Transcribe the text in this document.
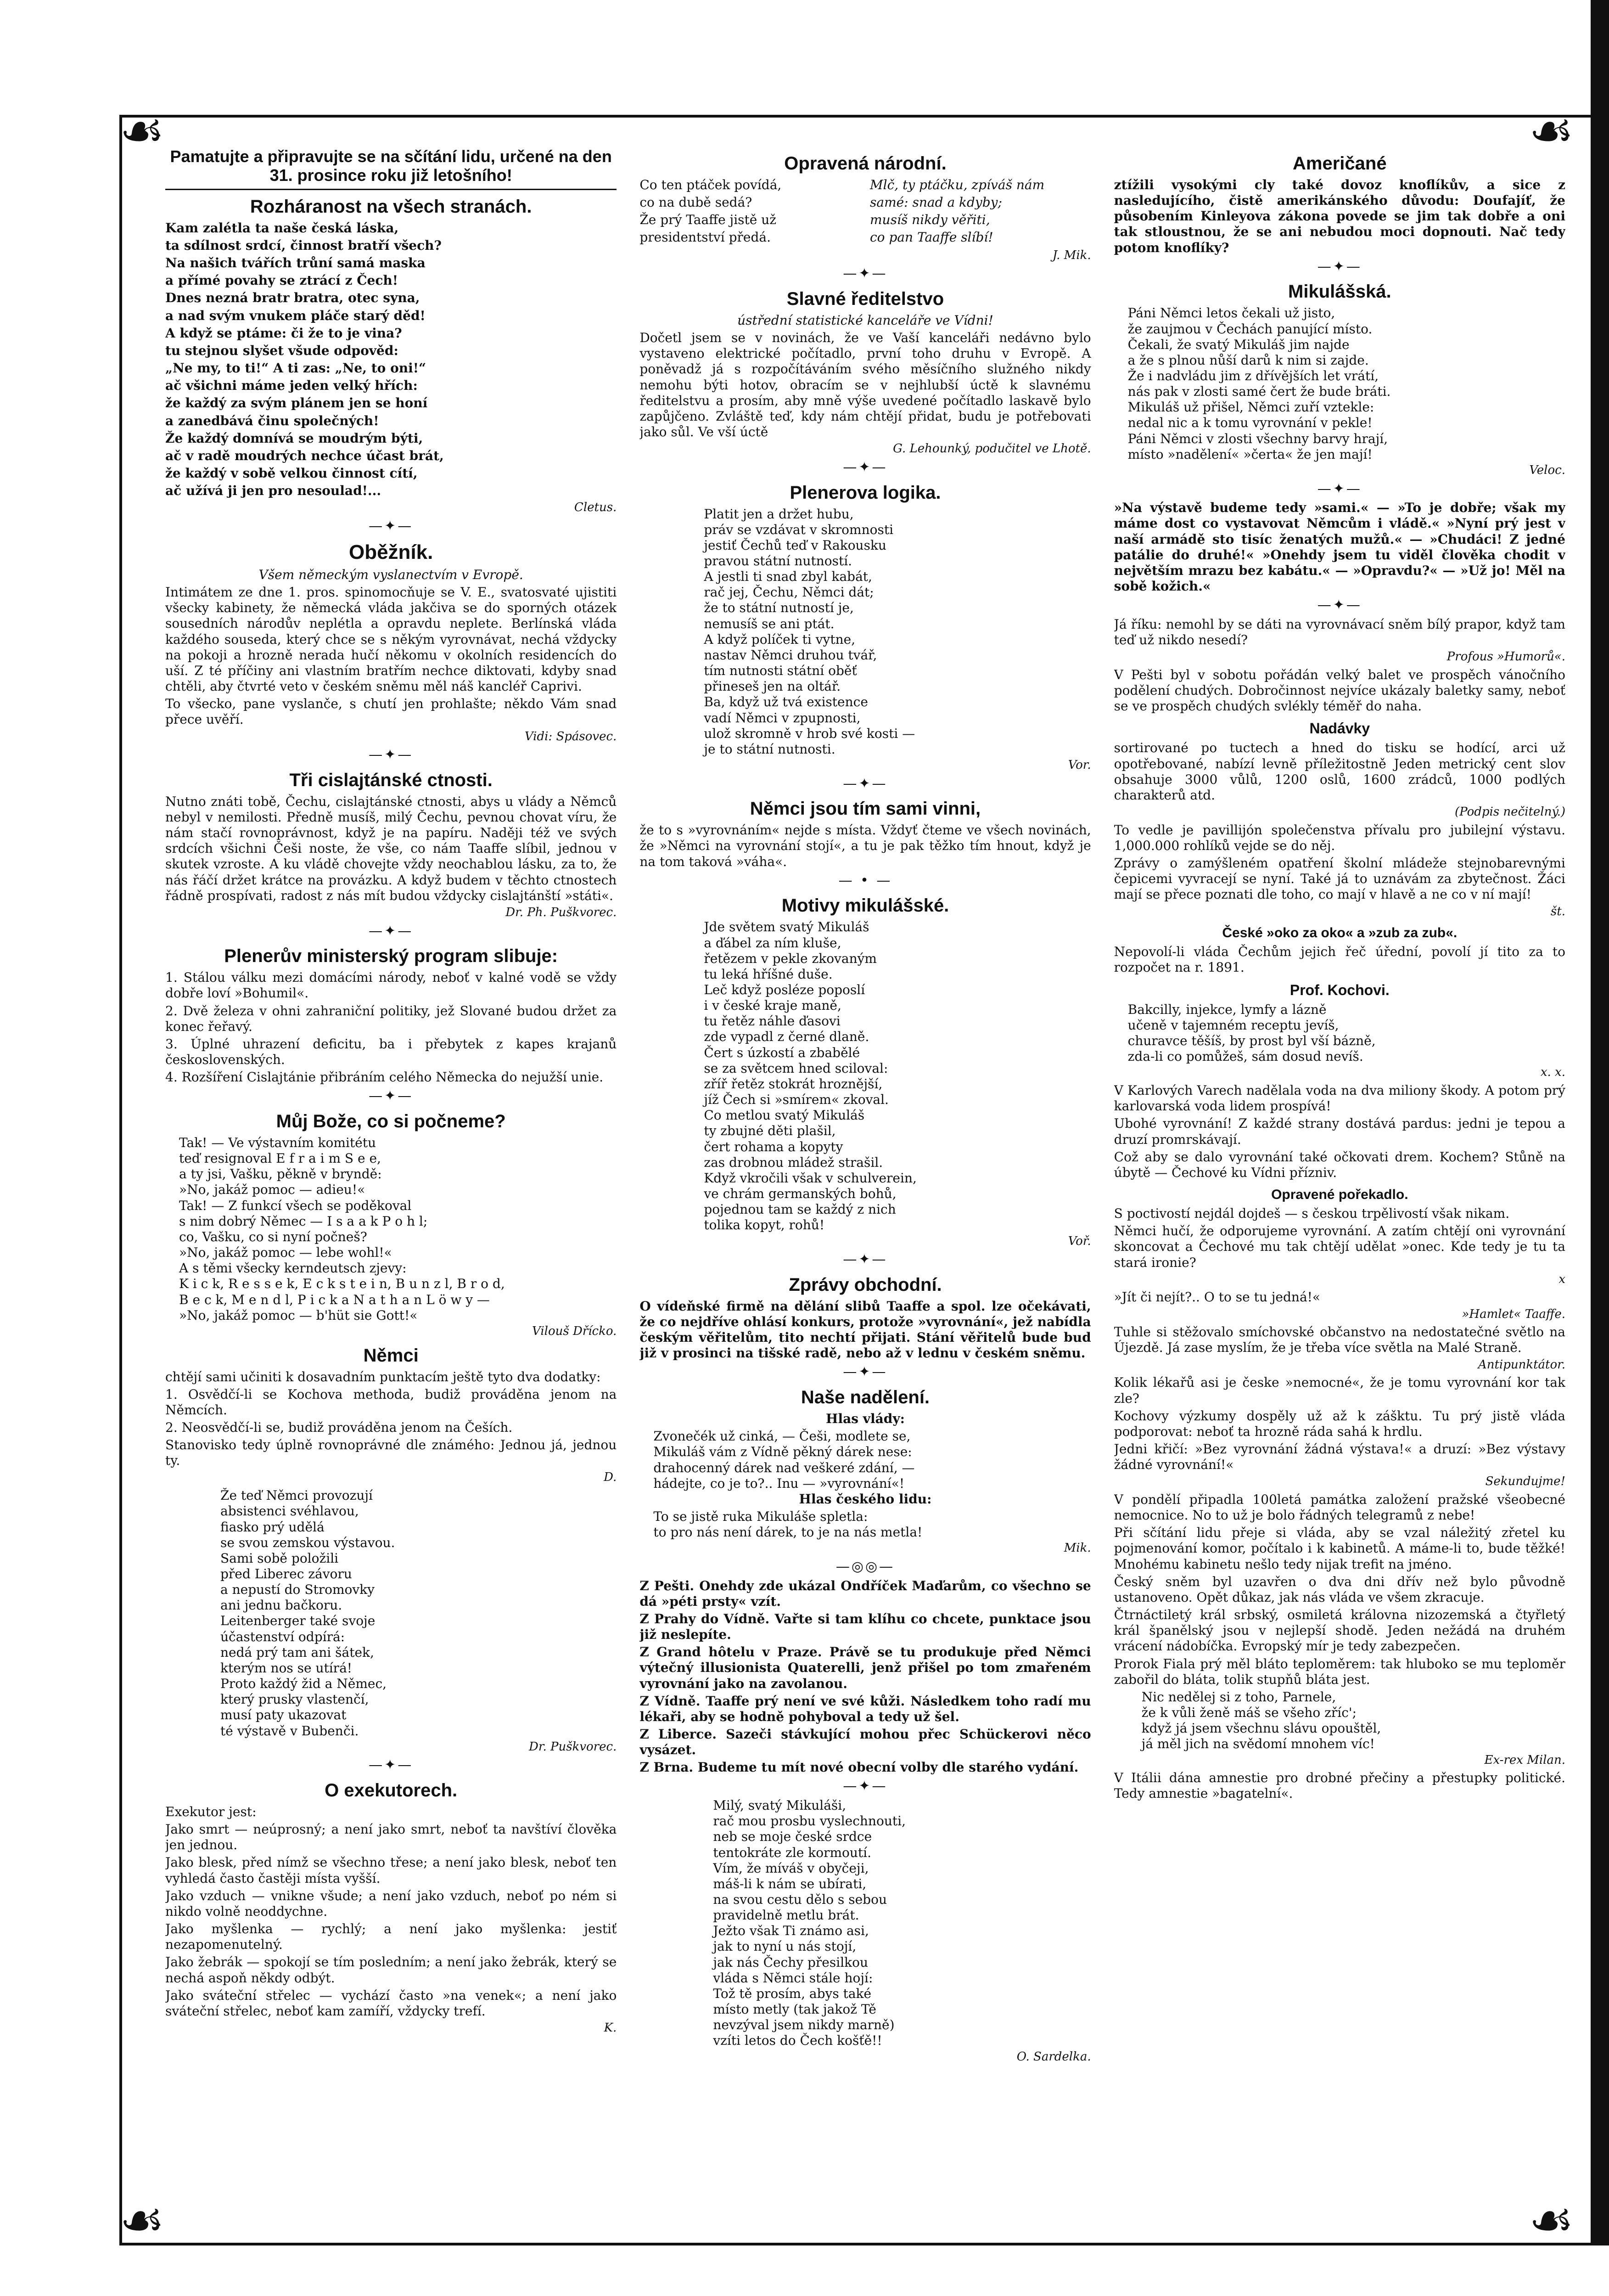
☙	☙
☙	☙
Pamatujte a připravujte se na sčítání lidu, určené na den 31. prosince roku již letošního!
Rozháranost na všech stranách.

Kam zalétla ta naše česká láska,

ta sdílnost srdcí, činnost bratří všech?

Na našich tvářích trůní samá maska

a přímé povahy se ztrácí z Čech!

Dnes nezná bratr bratra, otec syna,

a nad svým vnukem pláče starý děd!

A když se ptáme: či že to je vina?

tu stejnou slyšet všude odpověd:

„Ne my, to ti!“ A ti zas: „Ne, to oni!“

ač všichni máme jeden velký hřích:

že každý za svým plánem jen se honí

a zanedbává činu společných!

Že každý domnívá se moudrým býti,

ač v radě moudrých nechce účast brát,

že každý v sobě velkou činnost cítí,

ač užívá ji jen pro nesoulad!...

Cletus.
—✦—
Oběžník.

Všem německým vyslanectvím v Evropě.

Intimátem ze dne 1. pros. spinomocňuje se V. E., svatosvaté ujistiti všecky kabinety, že německá vláda jakčiva se do sporných otázek sousedních národův neplétla a opravdu neplete. Berlínská vláda každého souseda, který chce se s někým vyrovnávat, nechá vždycky na pokoji a hrozně nerada hučí někomu v okolních residencích do uší. Z té příčiny ani vlastním bratřím nechce diktovati, kdyby snad chtěli, aby čtvrté veto v českém sněmu měl náš kancléř Caprivi.

To všecko, pane vyslanče, s chutí jen prohlašte; někdo Vám snad přece uvěří.

Vidi: Spásovec.
—✦—
Tři cislajtánské ctnosti.

Nutno znáti tobě, Čechu, cislajtánské ctnosti, abys u vlády a Němců nebyl v nemilosti. Předně musíš, milý Čechu, pevnou chovat víru, že nám stačí rovnoprávnost, když je na papíru. Naději též ve svých srdcích všichni Češi noste, že vše, co nám Taaffe slíbil, jednou v skutek vzroste. A ku vládě chovejte vždy neochablou lásku, za to, že nás řáčí držet krátce na provázku. A když budem v těchto ctnostech řádně prospívati, radost z nás mít budou vždycky cislajtánští »státi«.

Dr. Ph. Puškvorec.
—✦—
Plenerův ministerský program slibuje:

1. Stálou válku mezi domácími národy, neboť v kalné vodě se vždy dobře loví »Bohumil«.

2. Dvě železa v ohni zahraniční politiky, jež Slované budou držet za konec řeřavý.

3. Úplné uhrazení deficitu, ba i přebytek z kapes krajanů československých.

4. Rozšíření Cislajtánie přibráním celého Německa do nejužší unie.

—✦—
Můj Bože, co si počneme?

Tak! — Ve výstavním komitétu

teď resignoval E f r a i m S e e,

a ty jsi, Vašku, pěkně v bryndě:

»No, jakáž pomoc — adieu!«

Tak! — Z funkcí všech se poděkoval

s nim dobrý Němec — I s a a k P o h l;

co, Vašku, co si nyní počneš?

»No, jakáž pomoc — lebe wohl!«

A s těmi všecky kerndeutsch zjevy:

K i c k, R e s s e k, E c k s t e i n, B u n z l, B r o d,

B e c k, M e n d l, P i c k a N a t h a n L ö w y —

»No, jakáž pomoc — b'hüt sie Gott!«

Vilouš Dřícko.
Němci

chtějí sami učiniti k dosavadním punktacím ještě tyto dva dodatky:

1. Osvědčí-li se Kochova methoda, budiž prováděna jenom na Němcích.

2. Neosvědčí-li se, budiž prováděna jenom na Češích.

Stanovisko tedy úplně rovnoprávné dle známého: Jednou já, jednou ty.

D.

Že teď Němci provozují

absistenci svéhlavou,

fiasko prý udělá

se svou zemskou výstavou.

Sami sobě položili

před Liberec závoru

a nepustí do Stromovky

ani jednu bačkoru.

Leitenberger také svoje

účastenství odpírá:

nedá prý tam ani šátek,

kterým nos se utírá!

Proto každý žid a Němec,

který prusky vlastenčí,

musí paty ukazovat

té výstavě v Bubenči.

Dr. Puškvorec.
—✦—
O exekutorech.

Exekutor jest:

Jako smrt — neúprosný; a není jako smrt, neboť ta navštíví člověka jen jednou.

Jako blesk, před nímž se všechno třese; a není jako blesk, neboť ten vyhledá často častěji místa vyšší.

Jako vzduch — vnikne všude; a není jako vzduch, neboť po ném si nikdo volně neoddychne.

Jako myšlenka — rychlý; a není jako myšlenka: jestiť nezapomenutelný.

Jako žebrák — spokojí se tím posledním; a není jako žebrák, který se nechá aspoň někdy odbýt.

Jako sváteční střelec — vychází často »na venek«; a není jako sváteční střelec, neboť kam zamíří, vždycky trefí.

K.
Opravená národní.

Co ten ptáček povídá,

co na dubě sedá?

Že prý Taaffe jistě už

presidentství předá.

Mlč, ty ptáčku, zpíváš nám

samé: snad a kdyby;

musíš nikdy věřiti,

co pan Taaffe slíbí!

J. Mik.
—✦—
Slavné ředitelstvo

ústřední statistické kanceláře ve Vídni!

Dočetl jsem se v novinách, že ve Vaší kanceláři nedávno bylo vystaveno elektrické počítadlo, první toho druhu v Evropě. A poněvadž já s rozpočítáváním svého měsíčního služného nikdy nemohu býti hotov, obracím se v nejhlubší úctě k slavnému ředitelstvu a prosím, aby mně výše uvedené počítadlo laskavě bylo zapůjčeno. Zvláště teď, kdy nám chtějí přidat, budu je potřebovati jako sůl. Ve vší úctě

G. Lehounký, podučitel ve Lhotě.
—✦—
Plenerova logika.

Platit jen a držet hubu,

práv se vzdávat v skromnosti

jestiť Čechů teď v Rakousku

pravou státní nutností.

A jestli ti snad zbyl kabát,

rač jej, Čechu, Němci dát;

že to státní nutností je,

nemusíš se ani ptát.

A když políček ti vytne,

nastav Němci druhou tvář,

tím nutnosti státní oběť

přineseš jen na oltář.

Ba, když už tvá existence

vadí Němci v zpupnosti,

ulož skromně v hrob své kosti —

je to státní nutnosti.

Vor.
—✦—
Němci jsou tím sami vinni,

že to s »vyrovnáním« nejde s místa. Vždyť čteme ve všech novinách, že »Němci na vyrovnání stojí«, a tu je pak těžko tím hnout, když je na tom taková »váha«.

— • —
Motivy mikulášské.

Jde světem svatý Mikuláš

a ďábel za ním kluše,

řetězem v pekle zkovaným

tu leká hříšné duše.

Leč když posléze poposlí

i v české kraje maně,

tu řetěz náhle ďasovi

zde vypadl z černé dlaně.

Čert s úzkostí a zbabělé

se za světcem hned sciloval:

zříř řetěz stokrát hroznější,

jíž Čech si »smírem« zkoval.

Co metlou svatý Mikuláš

ty zbujné děti plašil,

čert rohama a kopyty

zas drobnou mládež strašil.

Když vkročili však v schulverein,

ve chrám germanských bohů,

pojednou tam se každý z nich

tolika kopyt, rohů!

Voř.
—✦—
Zprávy obchodní.

O vídeňské firmě na dělání slibů Taaffe a spol. lze očekávati, že co nejdříve ohlásí konkurs, protože »vyrovnání«, jež nabídla českým věřitelům, tito nechtí přijati. Stání věřitelů bude bud již v prosinci na tišské radě, nebo až v lednu v českém sněmu.

—✦—
Naše nadělení.

Hlas vlády:

Zvonečék už cinká, — Češi, modlete se,

Mikuláš vám z Vídně pěkný dárek nese:

drahocenný dárek nad veškeré zdání, —

hádejte, co je to?.. Inu — »vyrovnání«!

Hlas českého lidu:

To se jistě ruka Mikuláše spletla:

to pro nás není dárek, to je na nás metla!

Mik.
—◎◎—

Z Pešti. Onehdy zde ukázal Ondříček Maďarům, co všechno se dá »péti prsty« vzít.

Z Prahy do Vídně. Vařte si tam klíhu co chcete, punktace jsou již neslepíte.

Z Grand hôtelu v Praze. Právě se tu produkuje před Němci výtečný illusionista Quaterelli, jenž přišel po tom zmařeném vyrovnání jako na zavolanou.

Z Vídně. Taaffe prý není ve své kůži. Následkem toho radí mu lékaři, aby se hodně pohyboval a tedy už šel.

Z Liberce. Sazeči stávkující mohou přec Schückerovi něco vysázet.

Z Brna. Budeme tu mít nové obecní volby dle starého vydání.

—✦—

Milý, svatý Mikuláši,

rač mou prosbu vyslechnouti,

neb se moje české srdce

tentokráte zle kormoutí.

Vím, že míváš v obyčeji,

máš-li k nám se ubírati,

na svou cestu dělo s sebou

pravidelně metlu brát.

Ježto však Ti známo asi,

jak to nyní u nás stojí,

jak nás Čechy přesilkou

vláda s Němci stále hojí:

Tož tě prosím, abys také

místo metly (tak jakož Tě

nevzýval jsem nikdy marně)

vzíti letos do Čech košťě!!

O. Sardelka.
Američané

ztížili vysokými cly také dovoz knoflíkův, a sice z nasledujícího, čistě amerikánského důvodu: Doufajíť, že působením Kinleyova zákona povede se jim tak dobře a oni tak stloustnou, že se ani nebudou moci dopnouti. Nač tedy potom knoflíky?

—✦—
Mikulášská.

Páni Němci letos čekali už jisto,

že zaujmou v Čechách panující místo.

Čekali, že svatý Mikuláš jim najde

a že s plnou nůší darů k nim si zajde.

Že i nadvládu jim z dřívějších let vrátí,

nás pak v zlosti samé čert že bude bráti.

Mikuláš už přišel, Němci zuří vztekle:

nedal nic a k tomu vyrovnání v pekle!

Páni Němci v zlosti všechny barvy hrají,

místo »nadělení« »čerta« že jen mají!

Veloc.
—✦—

»Na výstavě budeme tedy »sami.« — »To je dobře; však my máme dost co vystavovat Němcům i vládě.« »Nyní prý jest v naší armádě sto tisíc ženatých mužů.« — »Chudáci! Z jedné patálie do druhé!« »Onehdy jsem tu viděl člověka chodit v největším mrazu bez kabátu.« — »Opravdu?« — »Už jo! Měl na sobě kožich.«

—✦—

Já říku: nemohl by se dáti na vyrovnávací sněm bílý prapor, když tam teď už nikdo nesedí?

Profous »Humorů«.

V Pešti byl v sobotu pořádán velký balet ve prospěch vánočního podělení chudých. Dobročinnost nejvíce ukázaly baletky samy, neboť se ve prospěch chudých svlékly téměř do naha.

Nadávky

sortirované po tuctech a hned do tisku se hodící, arci už opotřebované, nabízí levně příležitostně Jeden metrický cent slov obsahuje 3000 vůlů, 1200 oslů, 1600 zrádců, 1000 podlých charakterů atd.

(Podpis nečitelný.)

To vedle je pavillijón společenstva přívalu pro jubilejní výstavu. 1,000.000 rohlíků vejde se do něj.

Zprávy o zamýšleném opatření školní mládeže stejnobarevnými čepicemi vyvracejí se nyní. Také já to uznávám za zbytečnost. Žáci mají se přece poznati dle toho, co mají v hlavě a ne co v ní mají!

št.
České »oko za oko« a »zub za zub«.

Nepovolí-li vláda Čechům jejich řeč úřední, povolí jí tito za to rozpočet na r. 1891.

Prof. Kochovi.

Bakcilly, injekce, lymfy a lázně

učeně v tajemném receptu jevíš,

churavce těšíš, by prost byl vší bázně,

zda-li co pomůžeš, sám dosud nevíš.

x. x.

V Karlových Varech nadělala voda na dva miliony škody. A potom prý karlovarská voda lidem prospívá!

Ubohé vyrovnání! Z každé strany dostává pardus: jedni je tepou a druzí promrskávají.

Což aby se dalo vyrovnání také očkovati drem. Kochem? Stůně na úbytě — Čechové ku Vídni přízniv.

Opravené pořekadlo.

S poctivostí nejdál dojdeš — s českou trpělivostí však nikam.

Němci hučí, že odporujeme vyrovnání. A zatím chtějí oni vyrovnání skoncovat a Čechové mu tak chtějí udělat »onec. Kde tedy je tu ta stará ironie?

x

»Jít či nejít?.. O to se tu jedná!«

»Hamlet« Taaffe.

Tuhle si stěžovalo smíchovské občanstvo na nedostatečné světlo na Újezdě. Já zase myslím, že je třeba více světla na Malé Straně.

Antipunktátor.

Kolik lékařů asi je česke »nemocné«, že je tomu vyrovnání kor tak zle?

Kochovy výzkumy dospěly už až k zášktu. Tu prý jistě vláda podporovat: neboť ta hrozně ráda sahá k hrdlu.

Jedni křičí: »Bez vyrovnání žádná výstava!« a druzí: »Bez výstavy žádné vyrovnání!«

Sekundujme!

V pondělí připadla 100letá památka založení pražské všeobecné nemocnice. No to už je bolo řádných telegramů z nebe!

Při sčítání lidu přeje si vláda, aby se vzal náležitý zřetel ku pojmenování komor, počítalo i k kabinetů. A máme-li to, bude těžké! Mnohému kabinetu nešlo tedy nijak trefit na jméno.

Český sněm byl uzavřen o dva dni dřív než bylo původně ustanoveno. Opět důkaz, jak nás vláda ve všem zkracuje.

Čtrnáctiletý král srbský, osmiletá královna nizozemská a čtyřletý král španělský jsou v nejlepší shodě. Jeden nežádá na druhém vrácení nádobíčka. Evropský mír je tedy zabezpečen.

Prorok Fiala prý měl bláto teploměrem: tak hluboko se mu teploměr zabořil do bláta, tolik stupňů bláta jest.

Nic nedělej si z toho, Parnele,

že k vůli ženě máš se všeho zříc';

když já jsem všechnu slávu opouštěl,

já měl jich na svědomí mnohem víc!

Ex-rex Milan.

V Itálii dána amnestie pro drobné přečiny a přestupky politické. Tedy amnestie »bagatelní«.
